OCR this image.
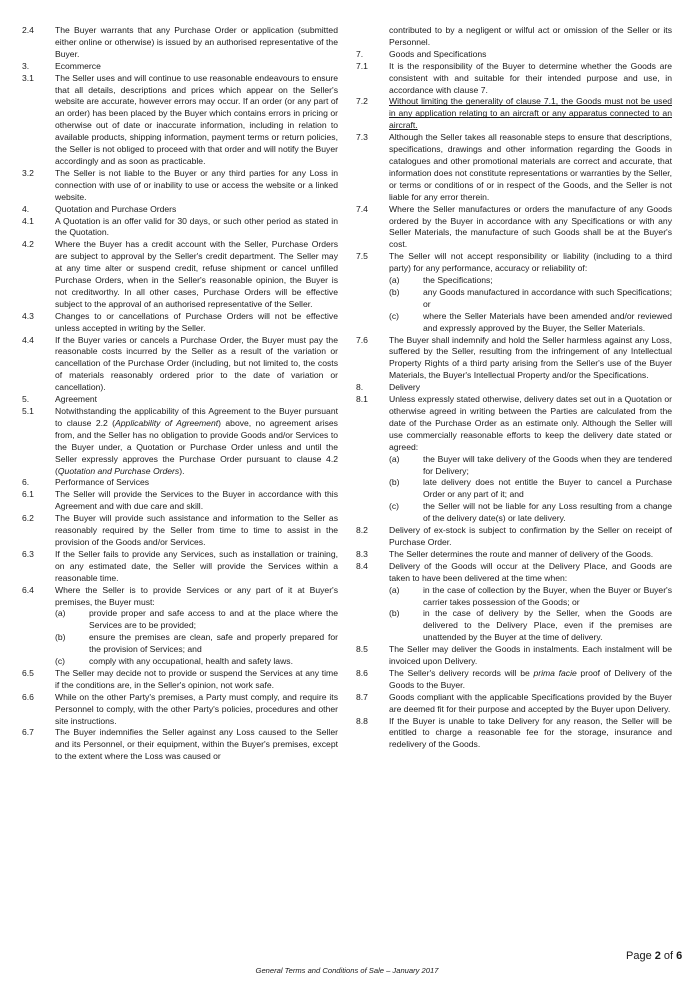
2.4	The Buyer warrants that any Purchase Order or application (submitted either online or otherwise) is issued by an authorised representative of the Buyer.
3.	Ecommerce
3.1	The Seller uses and will continue to use reasonable endeavours to ensure that all details, descriptions and prices which appear on the Seller's website are accurate, however errors may occur. If an order (or any part of an order) has been placed by the Buyer which contains errors in pricing or otherwise out of date or inaccurate information, including in relation to available products, shipping information, payment terms or return policies, the Seller is not obliged to proceed with that order and will notify the Buyer accordingly and as soon as practicable.
3.2	The Seller is not liable to the Buyer or any third parties for any Loss in connection with use of or inability to use or access the website or a linked website.
4.	Quotation and Purchase Orders
4.1	A Quotation is an offer valid for 30 days, or such other period as stated in the Quotation.
4.2	Where the Buyer has a credit account with the Seller, Purchase Orders are subject to approval by the Seller's credit department. The Seller may at any time alter or suspend credit, refuse shipment or cancel unfilled Purchase Orders, when in the Seller's reasonable opinion, the Buyer is not creditworthy. In all other cases, Purchase Orders will be effective subject to the approval of an authorised representative of the Seller.
4.3	Changes to or cancellations of Purchase Orders will not be effective unless accepted in writing by the Seller.
4.4	If the Buyer varies or cancels a Purchase Order, the Buyer must pay the reasonable costs incurred by the Seller as a result of the variation or cancellation of the Purchase Order (including, but not limited to, the costs of materials reasonably ordered prior to the date of variation or cancellation).
5.	Agreement
5.1	Notwithstanding the applicability of this Agreement to the Buyer pursuant to clause 2.2 (Applicability of Agreement) above, no agreement arises from, and the Seller has no obligation to provide Goods and/or Services to the Buyer under, a Quotation or Purchase Order unless and until the Seller expressly approves the Purchase Order pursuant to clause 4.2 (Quotation and Purchase Orders).
6.	Performance of Services
6.1	The Seller will provide the Services to the Buyer in accordance with this Agreement and with due care and skill.
6.2	The Buyer will provide such assistance and information to the Seller as reasonably required by the Seller from time to time to assist in the provision of the Goods and/or Services.
6.3	If the Seller fails to provide any Services, such as installation or training, on any estimated date, the Seller will provide the Services within a reasonable time.
6.4	Where the Seller is to provide Services or any part of it at Buyer's premises, the Buyer must:
(a)	provide proper and safe access to and at the place where the Services are to be provided;
(b)	ensure the premises are clean, safe and properly prepared for the provision of Services; and
(c)	comply with any occupational, health and safety laws.
6.5	The Seller may decide not to provide or suspend the Services at any time if the conditions are, in the Seller's opinion, not work safe.
6.6	While on the other Party's premises, a Party must comply, and require its Personnel to comply, with the other Party's policies, procedures and other site instructions.
6.7	The Buyer indemnifies the Seller against any Loss caused to the Seller and its Personnel, or their equipment, within the Buyer's premises, except to the extent where the Loss was caused or
contributed to by a negligent or wilful act or omission of the Seller or its Personnel.
7.	Goods and Specifications
7.1	It is the responsibility of the Buyer to determine whether the Goods are consistent with and suitable for their intended purpose and use, in accordance with clause 7.
7.2	Without limiting the generality of clause 7.1, the Goods must not be used in any application relating to an aircraft or any apparatus connected to an aircraft.
7.3	Although the Seller takes all reasonable steps to ensure that descriptions, specifications, drawings and other information regarding the Goods in catalogues and other promotional materials are correct and accurate, that information does not constitute representations or warranties by the Seller, or terms or conditions of or in respect of the Goods, and the Seller is not liable for any error therein.
7.4	Where the Seller manufactures or orders the manufacture of any Goods ordered by the Buyer in accordance with any Specifications or with any Seller Materials, the manufacture of such Goods shall be at the Buyer's cost.
7.5	The Seller will not accept responsibility or liability (including to a third party) for any performance, accuracy or reliability of:
(a)	the Specifications;
(b)	any Goods manufactured in accordance with such Specifications; or
(c)	where the Seller Materials have been amended and/or reviewed and expressly approved by the Buyer, the Seller Materials.
7.6	The Buyer shall indemnify and hold the Seller harmless against any Loss, suffered by the Seller, resulting from the infringement of any Intellectual Property Rights of a third party arising from the Seller's use of the Buyer Materials, the Buyer's Intellectual Property and/or the Specifications.
8.	Delivery
8.1	Unless expressly stated otherwise, delivery dates set out in a Quotation or otherwise agreed in writing between the Parties are calculated from the date of the Purchase Order as an estimate only. Although the Seller will use commercially reasonable efforts to keep the delivery date stated or agreed:
(a)	the Buyer will take delivery of the Goods when they are tendered for Delivery;
(b)	late delivery does not entitle the Buyer to cancel a Purchase Order or any part of it; and
(c)	the Seller will not be liable for any Loss resulting from a change of the delivery date(s) or late delivery.
8.2	Delivery of ex-stock is subject to confirmation by the Seller on receipt of Purchase Order.
8.3	The Seller determines the route and manner of delivery of the Goods.
8.4	Delivery of the Goods will occur at the Delivery Place, and Goods are taken to have been delivered at the time when:
(a)	in the case of collection by the Buyer, when the Buyer or Buyer's carrier takes possession of the Goods; or
(b)	in the case of delivery by the Seller, when the Goods are delivered to the Delivery Place, even if the premises are unattended by the Buyer at the time of delivery.
8.5	The Seller may deliver the Goods in instalments. Each instalment will be invoiced upon Delivery.
8.6	The Seller's delivery records will be prima facie proof of Delivery of the Goods to the Buyer.
8.7	Goods compliant with the applicable Specifications provided by the Buyer are deemed fit for their purpose and accepted by the Buyer upon Delivery.
8.8	If the Buyer is unable to take Delivery for any reason, the Seller will be entitled to charge a reasonable fee for the storage, insurance and redelivery of the Goods.
Page 2 of 6
General Terms and Conditions of Sale – January 2017
